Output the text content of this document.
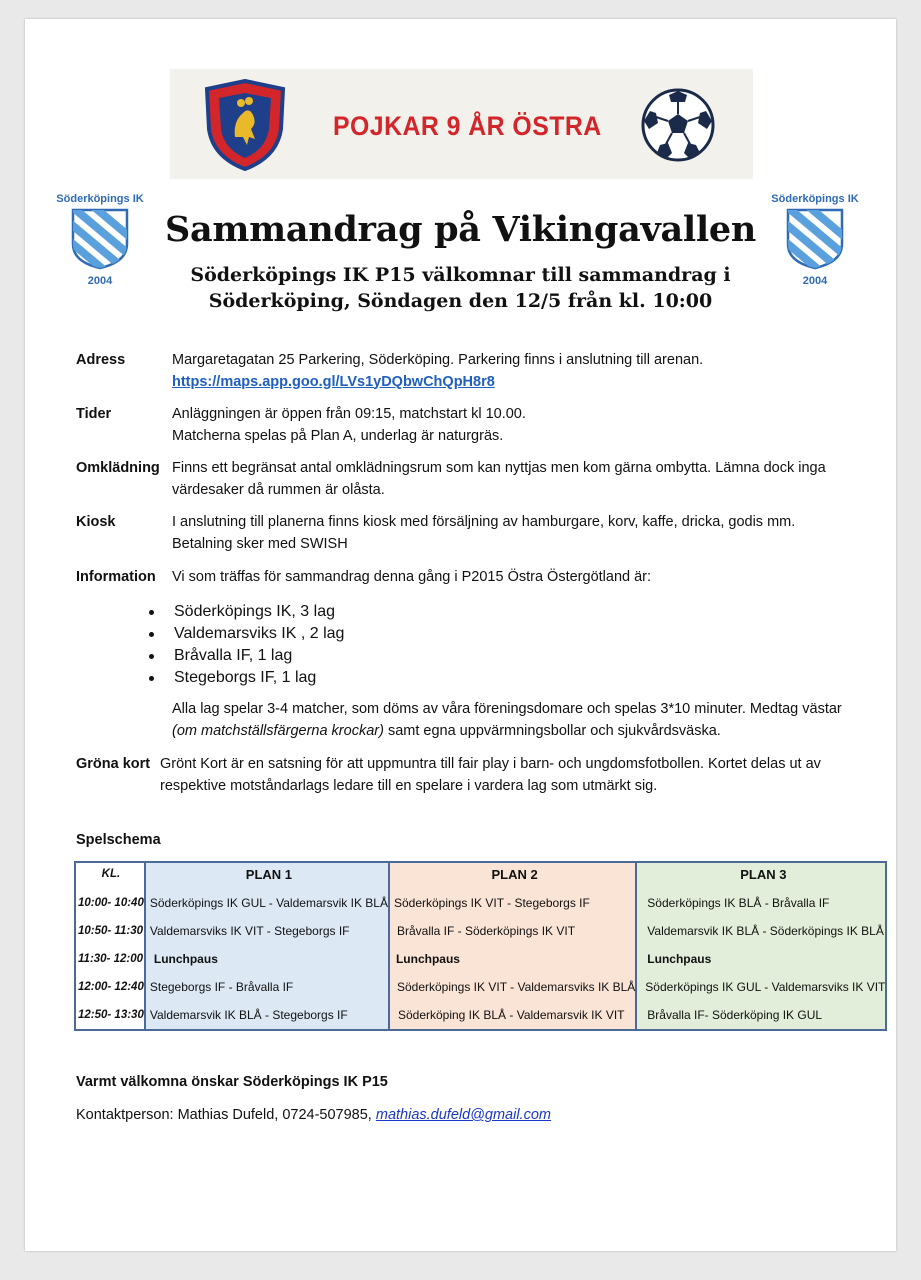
POJKAR 9 ÅR ÖSTRA
Söderköpings IK
2004
Söderköpings IK
2004
Sammandrag på Vikingavallen
Söderköpings IK P15 välkomnar till sammandrag i Söderköping, Söndagen den 12/5 från kl. 10:00
Adress	Margaretagatan 25 Parkering, Söderköping. Parkering finns i anslutning till arenan.
https://maps.app.goo.gl/LVs1yDQbwChQpH8r8
Tider	Anläggningen är öppen från 09:15, matchstart kl 10.00.
Matcherna spelas på Plan A, underlag är naturgräs.
Omklädning Finns ett begränsat antal omklädningsrum som kan nyttjas men kom gärna ombytta. Lämna dock inga värdesaker då rummen är olåsta.
Kiosk	I anslutning till planerna finns kiosk med försäljning av hamburgare, korv, kaffe, dricka, godis mm.
Betalning sker med SWISH
Information Vi som träffas för sammandrag denna gång i P2015 Östra Östergötland är:
Söderköpings IK, 3 lag
Valdemarsviks IK , 2 lag
Bråvalla IF, 1 lag
Stegeborgs IF, 1 lag
Alla lag spelar 3-4 matcher, som döms av våra föreningsdomare och spelas 3*10 minuter. Medtag västar (om matchställsfärgerna krockar) samt egna uppvärmningsbollar och sjukvårdsväska.
Gröna kort Grönt Kort är en satsning för att uppmuntra till fair play i barn- och ungdomsfotbollen. Kortet delas ut av respektive motståndarlags ledare till en spelare i vardera lag som utmärkt sig.
Spelschema
KL.	PLAN 1	PLAN 2	PLAN 3

10:00- 10:40	Söderköpings IK GUL - Valdemarsvik IK BLÅ	Söderköpings IK VIT - Stegeborgs IF	Söderköpings IK BLÅ - Bråvalla IF
10:50- 11:30	Valdemarsviks IK VIT - Stegeborgs IF	Bråvalla IF - Söderköpings IK VIT	Valdemarsvik IK BLÅ - Söderköpings IK BLÅ
11:30- 12:00	Lunchpaus	Lunchpaus	Lunchpaus
12:00- 12:40	Stegeborgs IF - Bråvalla IF	Söderköpings IK VIT - Valdemarsviks IK BLÅ	Söderköpings IK GUL - Valdemarsviks IK VIT
12:50- 13:30	Valdemarsvik IK BLÅ - Stegeborgs IF	Söderköping IK BLÅ - Valdemarsvik IK VIT	Bråvalla IF- Söderköping IK GUL
Varmt välkomna önskar Söderköpings IK P15
Kontaktperson: Mathias Dufeld, 0724-507985, mathias.dufeld@gmail.com
